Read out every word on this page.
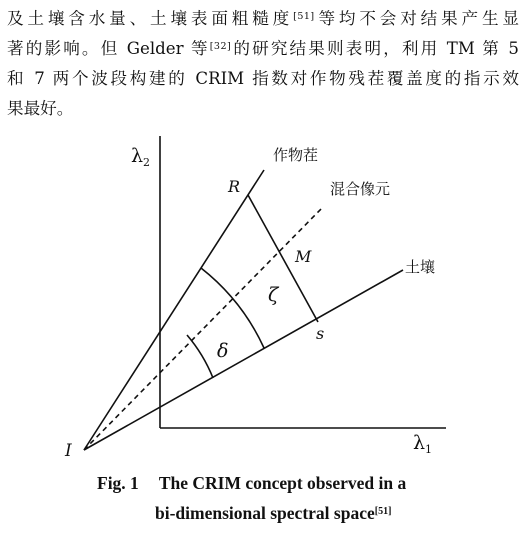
及土壤含水量、土壤表面粗糙度[51]等均不会对结果产生显
著的影响。但 Gelder 等[32]的研究结果则表明，利用 TM 第 5
和 7 两个波段构建的 CRIM 指数对作物残茬覆盖度的指示效
果最好。
$\lambda_2$
$\lambda_1$
I
作物茬
混合像元
土壤
R
M
s
ζ
δ
Fig. 1 The CRIM concept observed in a
bi-dimensional spectral space[51]
